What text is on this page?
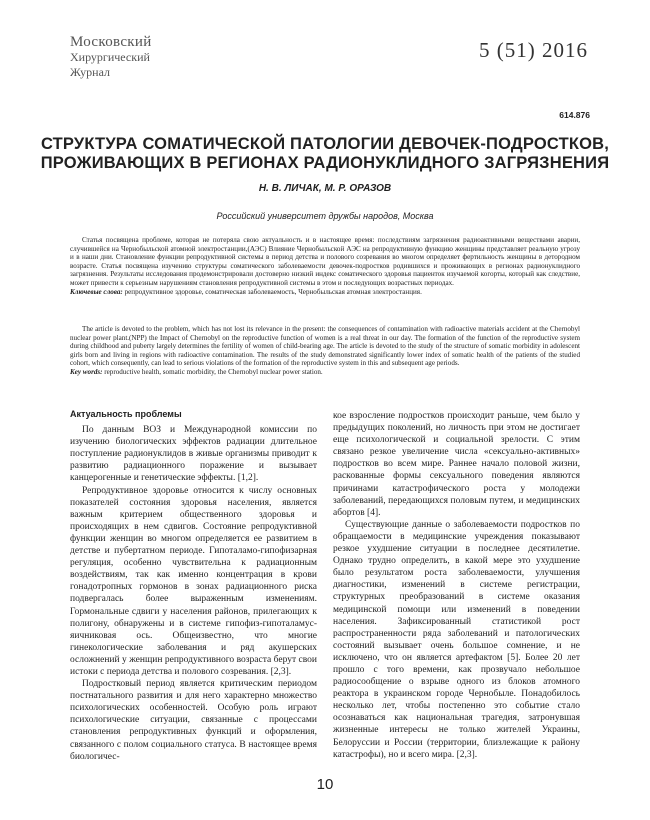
Московский
Хирургический
Журнал
5 (51) 2016
614.876
СТРУКТУРА СОМАТИЧЕСКОЙ ПАТОЛОГИИ ДЕВОЧЕК-ПОДРОСТКОВ, ПРОЖИВАЮЩИХ В РЕГИОНАХ РАДИОНУКЛИДНОГО ЗАГРЯЗНЕНИЯ
Н. В. ЛИЧАК, М. Р. ОРАЗОВ
Российский университет дружбы народов, Москва
Статья посвящена проблеме, которая не потеряла свою актуальность и в настоящее время: последствиям загрязнения радиоактивными веществами аварии, случившейся на Чернобыльской атомной электростанции,(АЭС) Влияние Чернобыльской АЭС на репродуктивную функцию женщины представляет реальную угрозу и в наши дни. Становление функции репродуктивной системы в период детства и полового созревания во многом определяет фертильность женщины в детородном возрасте. Статья посвящена изучению структуры соматического заболеваемости девочек-подростков родившихся и проживающих в регионах радионуклидного загрязнения. Результаты исследования продемонстрировали достоверно низкий индекс соматического здоровья пациенток изучаемой когорты, который как следствие, может привести к серьезным нарушениям становления репродуктивной системы в этом и последующих возрастных периодах.
Ключевые слова: репродуктивное здоровье, соматическая заболеваемость, Чернобыльская атомная электростанция.
The article is devoted to the problem, which has not lost its relevance in the present: the consequences of contamination with radioactive materials accident at the Chernobyl nuclear power plant.(NPP) the Impact of Chernobyl on the reproductive function of women is a real threat in our day. The formation of the function of the reproductive system during childhood and puberty largely determines the fertility of women of child-bearing age. The article is devoted to the study of the structure of somatic morbidity in adolescent girls born and living in regions with radioactive contamination. The results of the study demonstrated significantly lower index of somatic health of the patients of the studied cohort, which consequently, can lead to serious violations of the formation of the reproductive system in this and subsequent age periods.
Key words: reproductive health, somatic morbidity, the Chernobyl nuclear power station.
Актуальность проблемы

По данным ВОЗ и Международной комиссии по изучению биологических эффектов радиации длительное поступление радионуклидов в живые организмы приводит к развитию радиационного поражение и вызывает канцерогенные и генетические эффекты. [1,2].

Репродуктивное здоровье относится к числу основных показателей состояния здоровья населения, является важным критерием общественного здоровья и происходящих в нем сдвигов. Состояние репродуктивной функции женщин во многом определяется ее развитием в детстве и пубертатном периоде. Гипоталамо-гипофизарная регуляция, особенно чувствительна к радиационным воздействиям, так как именно концентрация в крови гонадотропных гормонов в зонах радиационного риска подвергалась более выраженным изменениям. Гормональные сдвиги у населения районов, прилегающих к полигону, обнаружены и в системе гипофиз-гипоталамус-яичниковая ось. Общеизвестно, что многие гинекологические заболевания и ряд акушерских осложнений у женщин репродуктивного возраста берут свои истоки с периода детства и полового созревания. [2,3].

Подростковый период является критическим периодом постнатального развития и для него характерно множество психологических особенностей. Особую роль играют психологические ситуации, связанные с процессами становления репродуктивных функций и оформления, связанного с полом социального статуса. В настоящее время биологичес-

кое взросление подростков происходит раньше, чем было у предыдущих поколений, но личность при этом не достигает еще психологической и социальной зрелости. С этим связано резкое увеличение числа «сексуально-активных» подростков во всем мире. Раннее начало половой жизни, раскованные формы сексуального поведения являются причинами катастрофического роста у молодежи заболеваний, передающихся половым путем, и медицинских абортов [4].

Существующие данные о заболеваемости подростков по обращаемости в медицинские учреждения показывают резкое ухудшение ситуации в последнее десятилетие. Однако трудно определить, в какой мере это ухудшение было результатом роста заболеваемости, улучшения диагностики, изменений в системе регистрации, структурных преобразований в системе оказания медицинской помощи или изменений в поведении населения. Зафиксированный статистикой рост распространенности ряда заболеваний и патологических состояний вызывает очень большое сомнение, и не исключено, что он является артефактом [5]. Более 20 лет прошло с того времени, как прозвучало небольшое радиосообщение о взрыве одного из блоков атомного реактора в украинском городе Чернобыле. Понадобилось несколько лет, чтобы постепенно это событие стало осознаваться как национальная трагедия, затронувшая жизненные интересы не только жителей Украины, Белоруссии и России (территории, близлежащие к району катастрофы), но и всего мира. [2,3].

10
